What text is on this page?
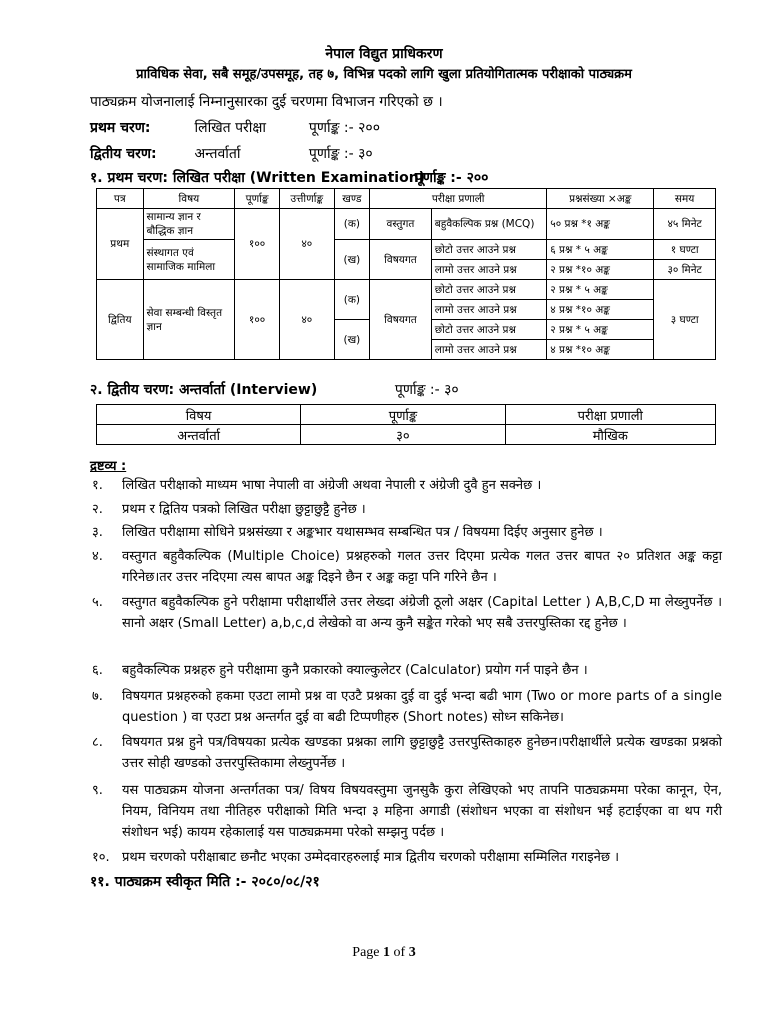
नेपाल विद्युत प्राधिकरण
प्राविधिक सेवा, सबै समूह/उपसमूह, तह ७, विभिन्न पदको लागि खुला प्रतियोगितात्मक परीक्षाको पाठ्यक्रम
पाठ्यक्रम योजनालाई निम्नानुसारका दुई चरणमा विभाजन गरिएको छ ।
प्रथम चरण:	लिखित परीक्षा	पूर्णाङ्क :- २००
द्वितीय चरण:	अन्तर्वार्ता	पूर्णाङ्क :- ३०
१. प्रथम चरण: लिखित परीक्षा (Written Examination) पूर्णाङ्क :- २००
पत्र	विषय	पूर्णाङ्क	उत्तीर्णाङ्क	खण्ड	परीक्षा प्रणाली		प्रश्नसंख्या ×अङ्क	समय
प्रथम	सामान्य ज्ञान र बौद्धिक ज्ञान	१००	४०	(क)	वस्तुगत	बहुवैकल्पिक प्रश्न (MCQ)	५० प्रश्न *१ अङ्क	४५ मिनेट
	संस्थागत एवं सामाजिक मामिला			(ख)	विषयगत	छोटो उत्तर आउने प्रश्न	६ प्रश्न * ५ अङ्क	१ घण्टा
						लामो उत्तर आउने प्रश्न	२ प्रश्न *१० अङ्क	३० मिनेट
द्वितिय	सेवा सम्बन्धी विस्तृत ज्ञान	१००	४०	(क)	विषयगत	छोटो उत्तर आउने प्रश्न	२ प्रश्न * ५ अङ्क	३ घण्टा
						लामो उत्तर आउने प्रश्न	४ प्रश्न *१० अङ्क	
				(ख)		छोटो उत्तर आउने प्रश्न	२ प्रश्न * ५ अङ्क	
						लामो उत्तर आउने प्रश्न	४ प्रश्न *१० अङ्क	
२. द्वितीय चरण: अन्तर्वार्ता (Interview)	पूर्णाङ्क :- ३०
विषय	पूर्णाङ्क	परीक्षा प्रणाली
अन्तर्वार्ता	३०	मौखिक
द्रष्टव्य :
१.	लिखित परीक्षाको माध्यम भाषा नेपाली वा अंग्रेजी अथवा नेपाली र अंग्रेजी दुवै हुन सक्नेछ ।
२.	प्रथम र द्वितिय पत्रको लिखित परीक्षा छुट्टाछुट्टै हुनेछ ।
३.	लिखित परीक्षामा सोधिने प्रश्नसंख्या र अङ्कभार यथासम्भव सम्बन्धित पत्र / विषयमा दिईए अनुसार हुनेछ ।
४.	वस्तुगत बहुवैकल्पिक (Multiple Choice) प्रश्नहरुको गलत उत्तर दिएमा प्रत्येक गलत उत्तर बापत २० प्रतिशत अङ्क कट्टा गरिनेछ।तर उत्तर नदिएमा त्यस बापत अङ्क दिइने छैन र अङ्क कट्टा पनि गरिने छैन ।
५.	वस्तुगत बहुवैकल्पिक हुने परीक्षामा परीक्षार्थीले उत्तर लेख्दा अंग्रेजी ठूलो अक्षर (Capital Letter ) A,B,C,D मा लेख्नुपर्नेछ ।सानो अक्षर (Small Letter) a,b,c,d लेखेको वा अन्य कुनै सङ्केत गरेको भए सबै उत्तरपुस्तिका रद्द हुनेछ ।
६.	बहुवैकल्पिक प्रश्नहरु हुने परीक्षामा कुनै प्रकारको क्याल्कुलेटर (Calculator) प्रयोग गर्न पाइने छैन ।
७.	विषयगत प्रश्नहरुको हकमा एउटा लामो प्रश्न वा एउटै प्रश्नका दुई वा दुई भन्दा बढी भाग (Two or more parts of a single question ) वा एउटा प्रश्न अन्तर्गत दुई वा बढी टिप्पणीहरु (Short notes) सोध्न सकिनेछ।
८.	विषयगत प्रश्न हुने पत्र/विषयका प्रत्येक खण्डका प्रश्नका लागि छुट्टाछुट्टै उत्तरपुस्तिकाहरु हुनेछन।परीक्षार्थीले प्रत्येक खण्डका प्रश्नको उत्तर सोही खण्डको उत्तरपुस्तिकामा लेख्नुपर्नेछ ।
९.	यस पाठ्यक्रम योजना अन्तर्गतका पत्र/ विषय विषयवस्तुमा जुनसुकै कुरा लेखिएको भए तापनि पाठ्यक्रममा परेका कानून, ऐन, नियम, विनियम तथा नीतिहरु परीक्षाको मिति भन्दा ३ महिना अगाडी (संशोधन भएका वा संशोधन भई हटाईएका वा थप गरी संशोधन भई) कायम रहेकालाई यस पाठ्यक्रममा परेको सम्झनु पर्दछ ।
१०. प्रथम चरणको परीक्षाबाट छनौट भएका उम्मेदवारहरुलाई मात्र द्वितीय चरणको परीक्षामा सम्मिलित गराइनेछ ।
११. पाठ्यक्रम स्वीकृत मिति :- २०८०/०८/२१
Page 1 of 3
